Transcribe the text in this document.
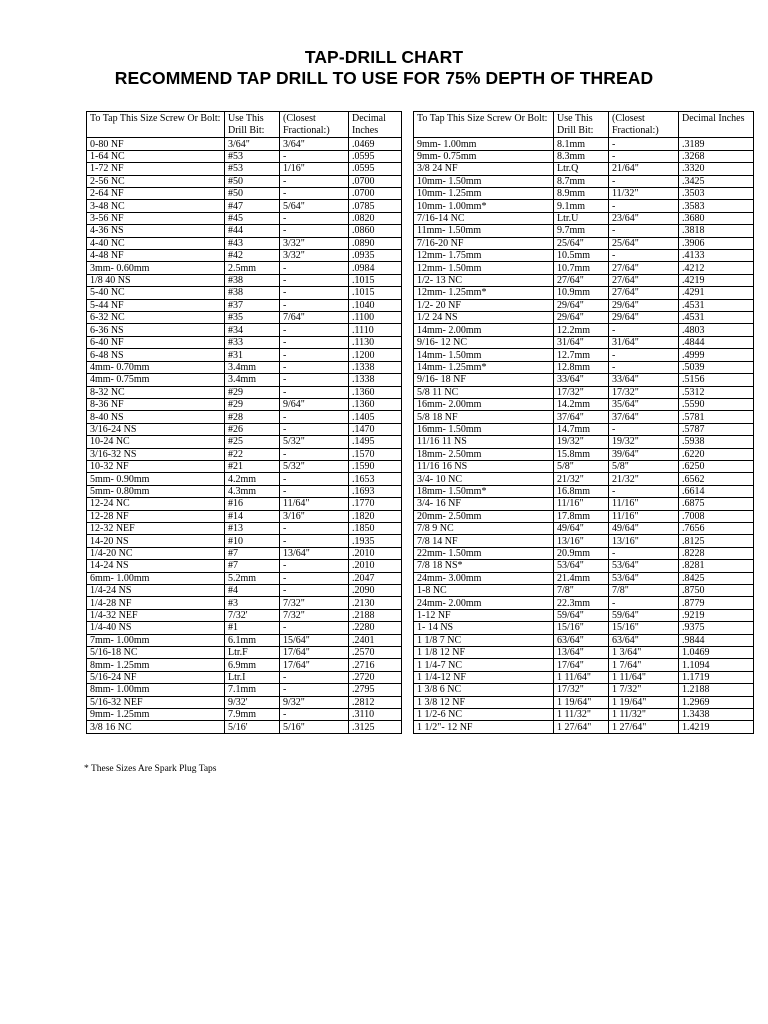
TAP-DRILL CHART
RECOMMEND TAP DRILL TO USE FOR 75% DEPTH OF THREAD
To Tap This Size Screw Or Bolt:	Use This Drill Bit:	(Closest Fractional:)	Decimal Inches
0-80 NF	3/64"	3/64"	.0469
1-64 NC	#53	-	.0595
1-72 NF	#53	1/16"	.0595
2-56 NC	#50	-	.0700
2-64 NF	#50	-	.0700
3-48 NC	#47	5/64"	.0785
3-56 NF	#45	-	.0820
4-36 NS	#44	-	.0860
4-40 NC	#43	3/32"	.0890
4-48 NF	#42	3/32"	.0935
3mm- 0.60mm	2.5mm	-	.0984
1/8 40 NS	#38	-	.1015
5-40 NC	#38	-	.1015
5-44 NF	#37	-	.1040
6-32 NC	#35	7/64"	.1100
6-36 NS	#34	-	.1110
6-40 NF	#33	-	.1130
6-48 NS	#31	-	.1200
4mm- 0.70mm	3.4mm	-	.1338
4mm- 0.75mm	3.4mm	-	.1338
8-32 NC	#29	-	.1360
8-36 NF	#29	9/64"	.1360
8-40 NS	#28	-	.1405
3/16-24 NS	#26	-	.1470
10-24 NC	#25	5/32"	.1495
3/16-32 NS	#22	-	.1570
10-32 NF	#21	5/32"	.1590
5mm- 0.90mm	4.2mm	-	.1653
5mm- 0.80mm	4.3mm	-	.1693
12-24 NC	#16	11/64"	.1770
12-28 NF	#14	3/16"	.1820
12-32 NEF	#13	-	.1850
14-20 NS	#10	-	.1935
1/4-20 NC	#7	13/64"	.2010
14-24 NS	#7	-	.2010
6mm- 1.00mm	5.2mm	-	.2047
1/4-24 NS	#4	-	.2090
1/4-28 NF	#3	7/32"	.2130
1/4-32 NEF	7/32'	7/32"	.2188
1/4-40 NS	#1	-	.2280
7mm- 1.00mm	6.1mm	15/64"	.2401
5/16-18 NC	Ltr.F	17/64"	.2570
8mm- 1.25mm	6.9mm	17/64"	.2716
5/16-24 NF	Ltr.I	-	.2720
8mm- 1.00mm	7.1mm	-	.2795
5/16-32 NEF	9/32'	9/32"	.2812
9mm- 1.25mm	7.9mm	-	.3110
3/8 16 NC	5/16'	5/16"	.3125
To Tap This Size Screw Or Bolt:	Use This Drill Bit:	(Closest Fractional:)	Decimal Inches
9mm- 1.00mm	8.1mm	-	.3189
9mm- 0.75mm	8.3mm	-	.3268
3/8 24 NF	Ltr.Q	21/64"	.3320
10mm- 1.50mm	8.7mm	-	.3425
10mm- 1.25mm	8.9mm	11/32"	.3503
10mm- 1.00mm*	9.1mm	-	.3583
7/16-14 NC	Ltr.U	23/64"	.3680
11mm- 1.50mm	9.7mm	-	.3818
7/16-20 NF	25/64"	25/64"	.3906
12mm- 1.75mm	10.5mm	-	.4133
12mm- 1.50mm	10.7mm	27/64"	.4212
1/2- 13 NC	27/64"	27/64"	.4219
12mm- 1.25mm*	10.9mm	27/64"	.4291
1/2- 20 NF	29/64"	29/64"	.4531
1/2 24 NS	29/64"	29/64"	.4531
14mm- 2.00mm	12.2mm	-	.4803
9/16- 12 NC	31/64"	31/64"	.4844
14mm- 1.50mm	12.7mm	-	.4999
14mm- 1.25mm*	12.8mm	-	.5039
9/16- 18 NF	33/64"	33/64"	.5156
5/8 11 NC	17/32"	17/32"	.5312
16mm- 2.00mm	14.2mm	35/64"	.5590
5/8 18 NF	37/64"	37/64"	.5781
16mm- 1.50mm	14.7mm	-	.5787
11/16 11 NS	19/32"	19/32"	.5938
18mm- 2.50mm	15.8mm	39/64"	.6220
11/16 16 NS	5/8"	5/8"	.6250
3/4- 10 NC	21/32"	21/32"	.6562
18mm- 1.50mm*	16.8mm	-	.6614
3/4- 16 NF	11/16"	11/16"	.6875
20mm- 2.50mm	17.8mm	11/16"	.7008
7/8 9 NC	49/64"	49/64"	.7656
7/8 14 NF	13/16"	13/16"	.8125
22mm- 1.50mm	20.9mm	-	.8228
7/8 18 NS*	53/64"	53/64"	.8281
24mm- 3.00mm	21.4mm	53/64"	.8425
1-8 NC	7/8"	7/8"	.8750
24mm- 2.00mm	22.3mm	-	.8779
1-12 NF	59/64"	59/64"	.9219
1- 14 NS	15/16"	15/16"	.9375
1 1/8 7 NC	63/64"	63/64"	.9844
1 1/8 12 NF	13/64"	1 3/64"	1.0469
1 1/4-7 NC	17/64"	1 7/64"	1.1094
1 1/4-12 NF	1 11/64"	1 11/64"	1.1719
1 3/8 6 NC	17/32"	1 7/32"	1.2188
1 3/8 12 NF	1 19/64"	1 19/64"	1.2969
1 1/2-6 NC	1 11/32"	1 11/32"	1.3438
1 1/2"- 12 NF	1 27/64"	1 27/64"	1.4219
* These Sizes Are Spark Plug Taps
